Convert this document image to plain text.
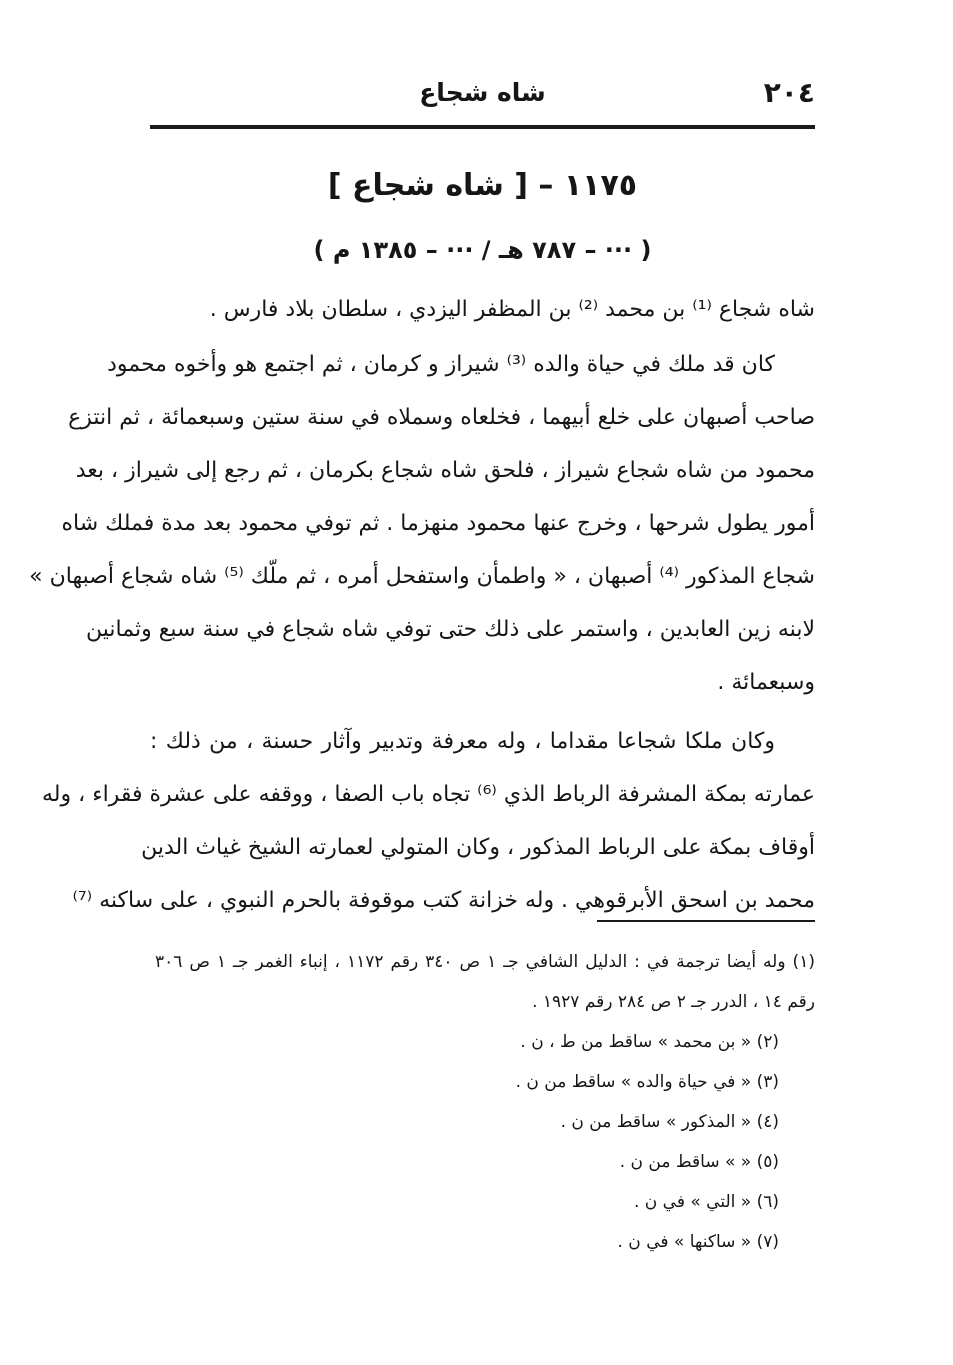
٢٠٤
شاه شجاع
١١٧٥ – [ شاه شجاع ]
( ··· – ٧٨٧ هـ / ··· – ١٣٨٥ م )
شاه شجاع ⁽¹⁾ بن محمد ⁽²⁾ بن المظفر اليزدي ، سلطان بلاد فارس .
كان قد ملك في حياة والده ⁽³⁾ شيراز و كرمان ، ثم اجتمع هو وأخوه محمود
صاحب أصبهان على خلع أبيهما ، فخلعاه وسملاه في سنة ستين وسبعمائة ، ثم انتزع
محمود من شاه شجاع شيراز ، فلحق شاه شجاع بكرمان ، ثم رجع إلى شيراز ، بعد
أمور يطول شرحها ، وخرج عنها محمود منهزما . ثم توفي محمود بعد مدة فملك شاه
شجاع المذكور ⁽⁴⁾ أصبهان ، « واطمأن واستفحل أمره ، ثم ملّك ⁽⁵⁾ شاه شجاع أصبهان »
لابنه زين العابدين ، واستمر على ذلك حتى توفي شاه شجاع في سنة سبع وثمانين
وسبعمائة .
وكان ملكا شجاعا مقداما ، وله معرفة وتدبير وآثار حسنة ، من ذلك :
عمارته بمكة المشرفة الرباط الذي ⁽⁶⁾ تجاه باب الصفا ، ووقفه على عشرة فقراء ، وله
أوقاف بمكة على الرباط المذكور ، وكان المتولي لعمارته الشيخ غياث الدين
محمد بن اسحق الأبرقوهي . وله خزانة كتب موقوفة بالحرم النبوي ، على ساكنه ⁽⁷⁾
(١) وله أيضا ترجمة في : الدليل الشافي جـ ١ ص ٣٤٠ رقم ١١٧٢ ، إنباء الغمر جـ ١ ص ٣٠٦
رقم ١٤ ، الدرر جـ ٢ ص ٢٨٤ رقم ١٩٢٧ .
(٢) « بن محمد » ساقط من ط ، ن .
(٣) « في حياة والده » ساقط من ن .
(٤) « المذكور » ساقط من ن .
(٥) « » ساقط من ن .
(٦) « التي » في ن .
(٧) « ساكنها » في ن .
